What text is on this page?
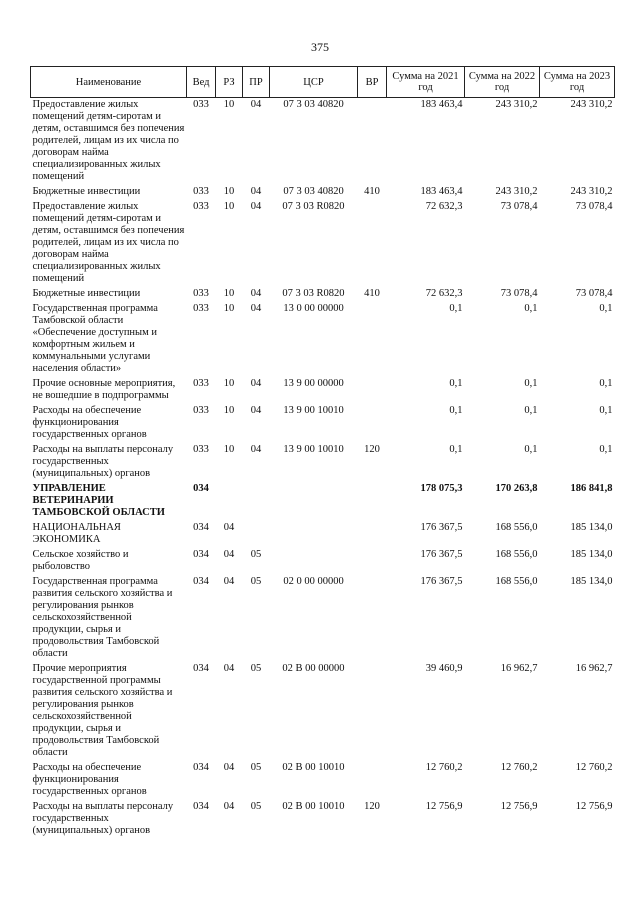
375
Наименование	Вед	РЗ	ПР	ЦСР	ВР	Сумма на 2021 год	Сумма на 2022 год	Сумма на 2023 год
Предоставление жилых помещений детям-сиротам и детям, оставшимся без попечения родителей, лицам из их числа по договорам найма специализированных жилых помещений	033	10	04	07 3 03 40820		183 463,4	243 310,2	243 310,2
Бюджетные инвестиции	033	10	04	07 3 03 40820	410	183 463,4	243 310,2	243 310,2
Предоставление жилых помещений детям-сиротам и детям, оставшимся без попечения родителей, лицам из их числа по договорам найма специализированных жилых помещений	033	10	04	07 3 03 R0820		72 632,3	73 078,4	73 078,4
Бюджетные инвестиции	033	10	04	07 3 03 R0820	410	72 632,3	73 078,4	73 078,4
Государственная программа Тамбовской области «Обеспечение доступным и комфортным жильем и коммунальными услугами населения области»	033	10	04	13 0 00 00000		0,1	0,1	0,1
Прочие основные мероприятия, не вошедшие в подпрограммы	033	10	04	13 9 00 00000		0,1	0,1	0,1
Расходы на обеспечение функционирования государственных органов	033	10	04	13 9 00 10010		0,1	0,1	0,1
Расходы на выплаты персоналу государственных (муниципальных) органов	033	10	04	13 9 00 10010	120	0,1	0,1	0,1
УПРАВЛЕНИЕ ВЕТЕРИНАРИИ ТАМБОВСКОЙ ОБЛАСТИ	034					178 075,3	170 263,8	186 841,8
НАЦИОНАЛЬНАЯ ЭКОНОМИКА	034	04				176 367,5	168 556,0	185 134,0
Сельское хозяйство и рыболовство	034	04	05			176 367,5	168 556,0	185 134,0
Государственная программа развития сельского хозяйства и регулирования рынков сельскохозяйственной продукции, сырья и продовольствия Тамбовской области	034	04	05	02 0 00 00000		176 367,5	168 556,0	185 134,0
Прочие мероприятия государственной программы развития сельского хозяйства и регулирования рынков сельскохозяйственной продукции, сырья и продовольствия Тамбовской области	034	04	05	02 В 00 00000		39 460,9	16 962,7	16 962,7
Расходы на обеспечение функционирования государственных органов	034	04	05	02 В 00 10010		12 760,2	12 760,2	12 760,2
Расходы на выплаты персоналу государственных (муниципальных) органов	034	04	05	02 В 00 10010	120	12 756,9	12 756,9	12 756,9
